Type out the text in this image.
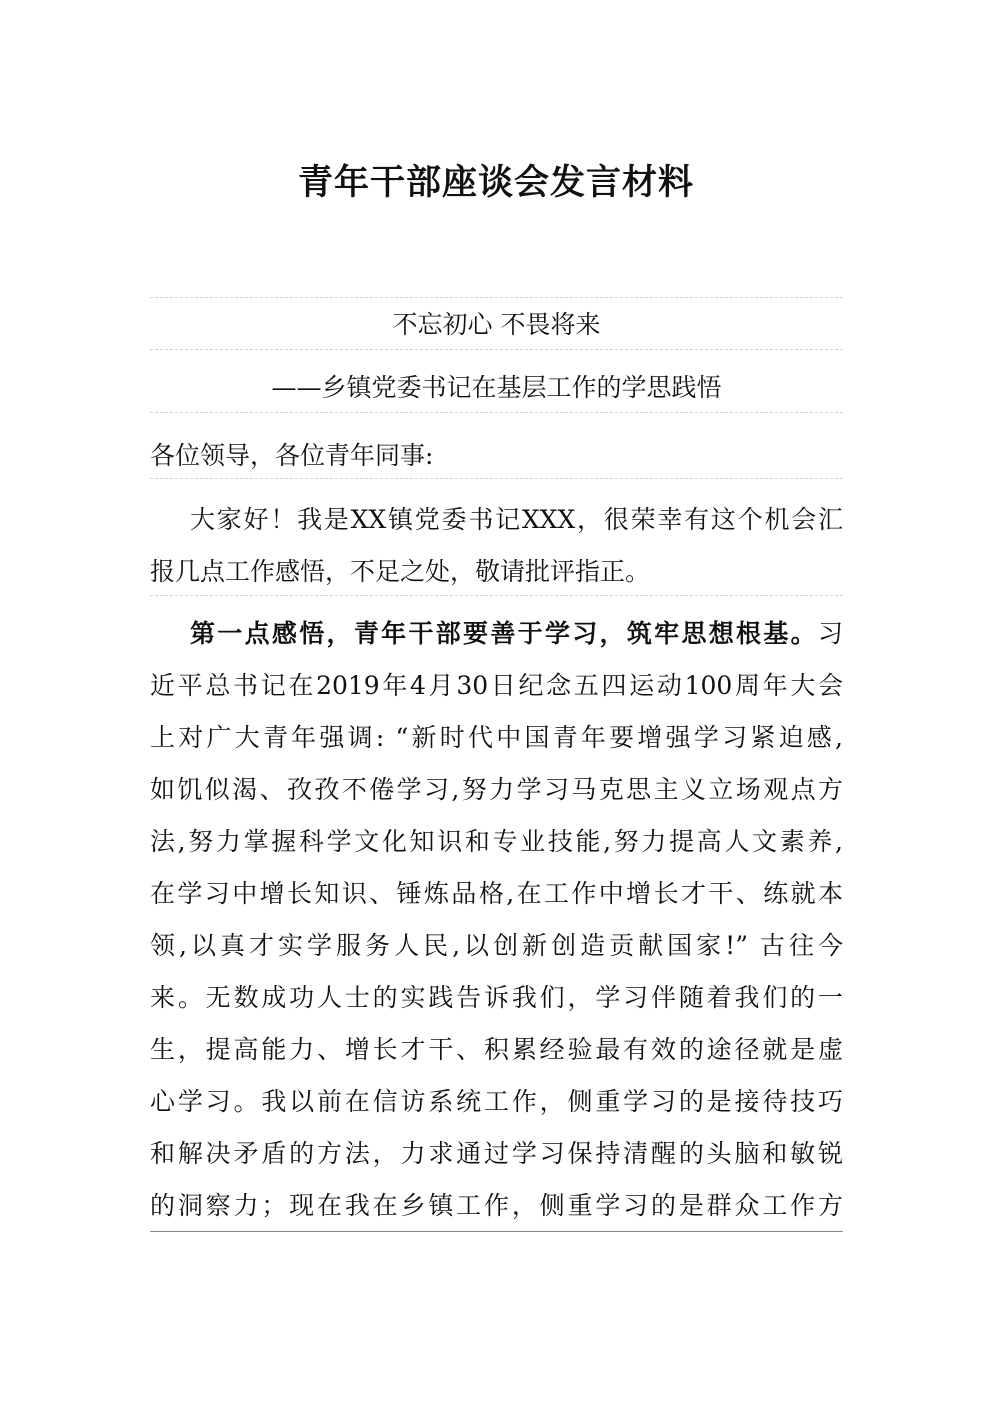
青年干部座谈会发言材料
不忘初心 不畏将来
——乡镇党委书记在基层工作的学思践悟
各位领导，各位青年同事:
大家好！我是XX镇党委书记XXX，很荣幸有这个机会汇
报几点工作感悟，不足之处，敬请批评指正。
第一点感悟，青年干部要善于学习，筑牢思想根基。习
近平总书记在2019年4月30日纪念五四运动100周年大会
上对广大青年强调: “新时代中国青年要增强学习紧迫感,
如饥似渴、孜孜不倦学习,努力学习马克思主义立场观点方
法,努力掌握科学文化知识和专业技能,努力提高人文素养,
在学习中增长知识、锤炼品格,在工作中增长才干、练就本
领,以真才实学服务人民,以创新创造贡献国家!” 古往今
来。无数成功人士的实践告诉我们，学习伴随着我们的一
生，提高能力、增长才干、积累经验最有效的途径就是虚
心学习。我以前在信访系统工作，侧重学习的是接待技巧
和解决矛盾的方法，力求通过学习保持清醒的头脑和敏锐
的洞察力；现在我在乡镇工作，侧重学习的是群众工作方
